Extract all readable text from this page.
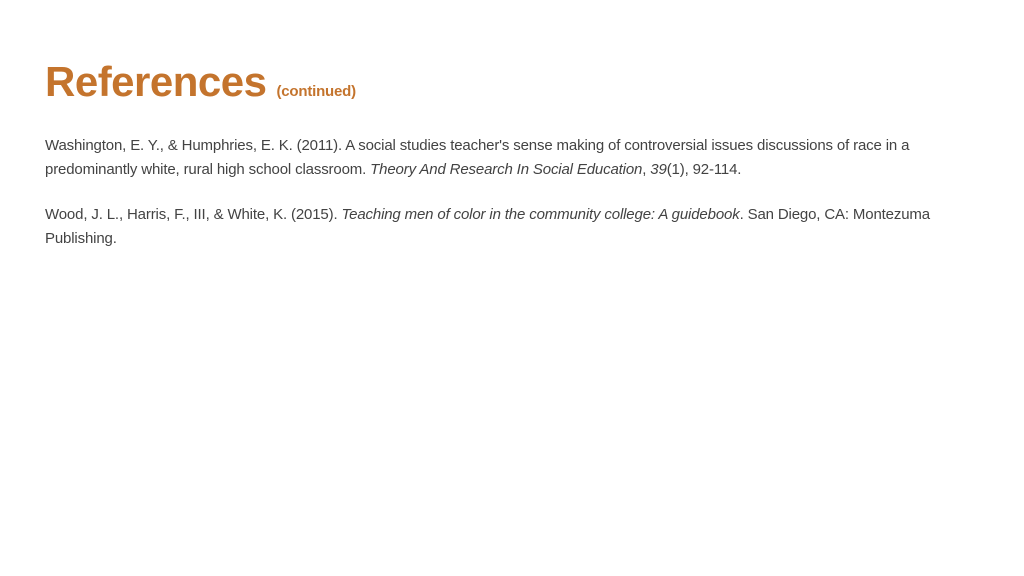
References (continued)

Washington, E. Y., & Humphries, E. K. (2011). A social studies teacher's sense making of controversial issues discussions of race in a predominantly white, rural high school classroom. Theory And Research In Social Education, 39(1), 92-114.

Wood, J. L., Harris, F., III, & White, K. (2015). Teaching men of color in the community college: A guidebook. San Diego, CA: Montezuma Publishing.
